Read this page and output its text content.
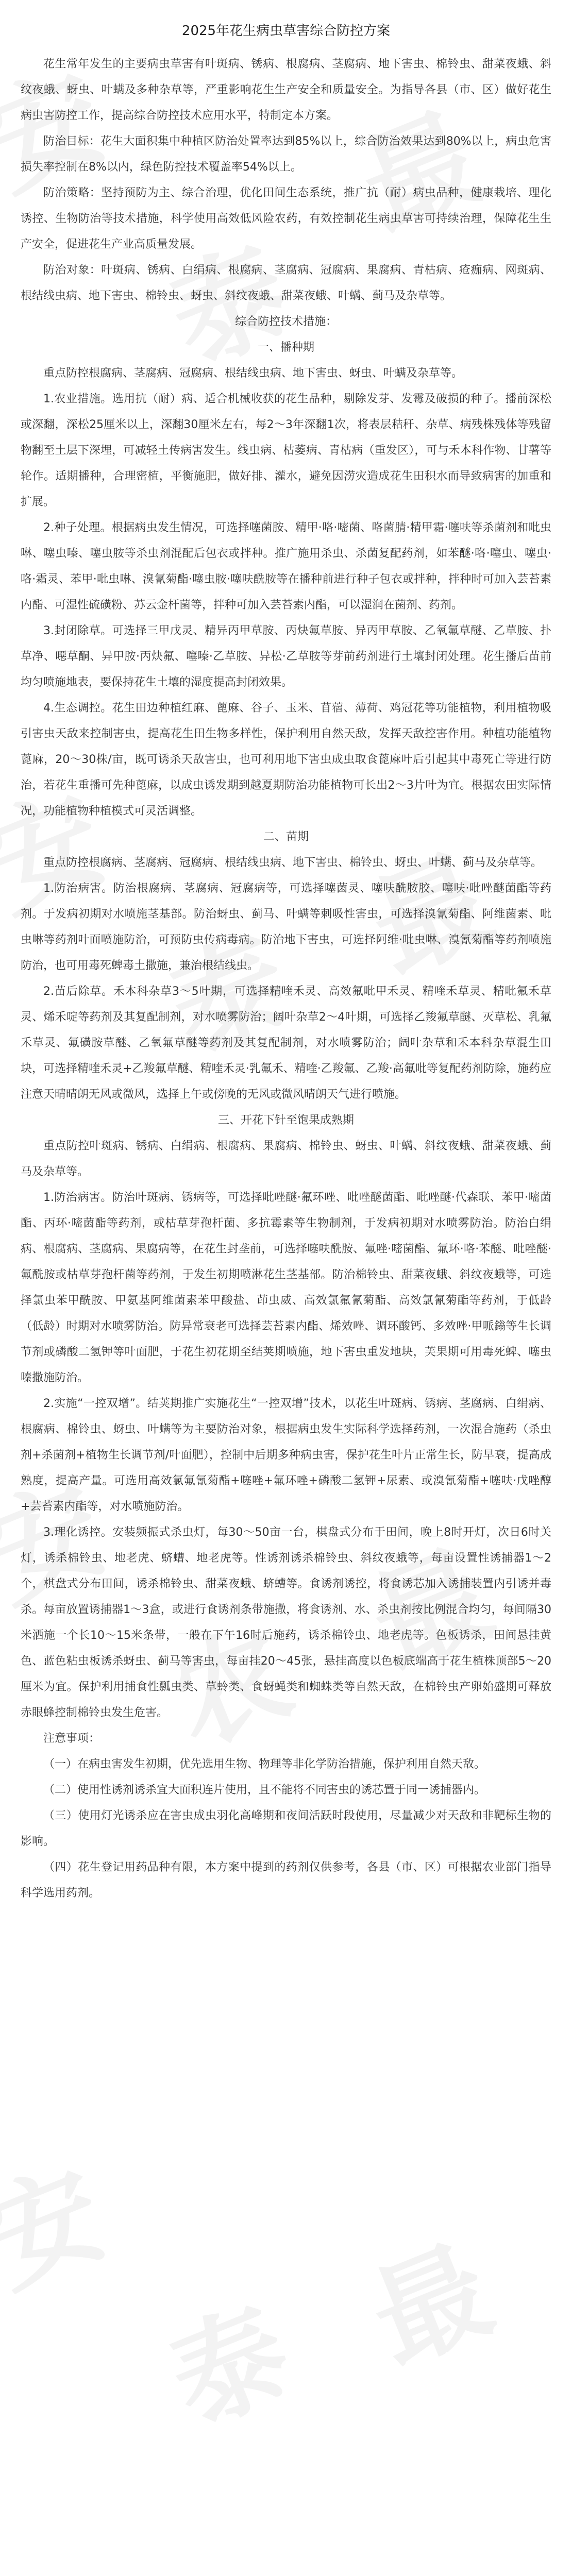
2025年花生病虫草害综合防控方案

花生常年发生的主要病虫草害有叶斑病、锈病、根腐病、茎腐病、地下害虫、棉铃虫、甜菜夜蛾、斜纹夜蛾、蚜虫、叶螨及多种杂草等，严重影响花生生产安全和质量安全。为指导各县（市、区）做好花生病虫害防控工作，提高综合防控技术应用水平，特制定本方案。

防治目标：花生大面积集中种植区防治处置率达到85%以上，综合防治效果达到80%以上，病虫危害损失率控制在8%以内，绿色防控技术覆盖率54%以上。

防治策略：坚持预防为主、综合治理，优化田间生态系统，推广抗（耐）病虫品种，健康栽培、理化诱控、生物防治等技术措施，科学使用高效低风险农药，有效控制花生病虫草害可持续治理，保障花生生产安全，促进花生产业高质量发展。

防治对象：叶斑病、锈病、白绢病、根腐病、茎腐病、冠腐病、果腐病、青枯病、疮痂病、网斑病、根结线虫病、地下害虫、棉铃虫、蚜虫、斜纹夜蛾、甜菜夜蛾、叶螨、蓟马及杂草等。

综合防控技术措施：

一、播种期

重点防控根腐病、茎腐病、冠腐病、根结线虫病、地下害虫、蚜虫、叶螨及杂草等。

1.农业措施。选用抗（耐）病、适合机械收获的花生品种，剔除发芽、发霉及破损的种子。播前深松或深翻，深松25厘米以上，深翻30厘米左右，每2～3年深翻1次，将表层秸秆、杂草、病残株残体等残留物翻至土层下深埋，可减轻土传病害发生。线虫病、枯萎病、青枯病（重发区），可与禾本科作物、甘薯等轮作。适期播种，合理密植，平衡施肥，做好排、灌水，避免因涝灾造成花生田积水而导致病害的加重和扩展。

2.种子处理。根据病虫发生情况，可选择噻菌胺、精甲·咯·嘧菌、咯菌腈·精甲霜·噻呋等杀菌剂和吡虫啉、噻虫嗪、噻虫胺等杀虫剂混配后包衣或拌种。推广施用杀虫、杀菌复配药剂，如苯醚·咯·噻虫、噻虫·咯·霜灵、苯甲·吡虫啉、溴氰菊酯·噻虫胺·噻呋酰胺等在播种前进行种子包衣或拌种，拌种时可加入芸苔素内酯、可湿性硫磺粉、苏云金杆菌等，拌种可加入芸苔素内酯，可以湿润在菌剂、药剂。

3.封闭除草。可选择三甲戊灵、精异丙甲草胺、丙炔氟草胺、异丙甲草胺、乙氧氟草醚、乙草胺、扑草净、噁草酮、异甲胺·丙炔氟、噻嗪·乙草胺、异松·乙草胺等芽前药剂进行土壤封闭处理。花生播后苗前均匀喷施地表，要保持花生土壤的湿度提高封闭效果。

4.生态调控。花生田边种植红麻、蓖麻、谷子、玉米、苜蓿、薄荷、鸡冠花等功能植物，利用植物吸引害虫天敌来控制害虫，提高花生田生物多样性，保护利用自然天敌，发挥天敌控害作用。种植功能植物蓖麻，20～30株/亩，既可诱杀天敌害虫，也可利用地下害虫成虫取食蓖麻叶后引起其中毒死亡等进行防治，若花生重播可先种蓖麻，以成虫诱发期到越夏期防治功能植物可长出2～3片叶为宜。根据农田实际情况，功能植物种植模式可灵活调整。

二、苗期

重点防控根腐病、茎腐病、冠腐病、根结线虫病、地下害虫、棉铃虫、蚜虫、叶螨、蓟马及杂草等。

1.防治病害。防治根腐病、茎腐病、冠腐病等，可选择噻菌灵、噻呋酰胺胶、噻呋·吡唑醚菌酯等药剂。于发病初期对水喷施茎基部。防治蚜虫、蓟马、叶螨等刺吸性害虫，可选择溴氰菊酯、阿维菌素、吡虫啉等药剂叶面喷施防治，可预防虫传病毒病。防治地下害虫，可选择阿维·吡虫啉、溴氰菊酯等药剂喷施防治，也可用毒死蜱毒土撒施，兼治根结线虫。

2.苗后除草。禾本科杂草3～5叶期，可选择精喹禾灵、高效氟吡甲禾灵、精喹禾草灵、精吡氟禾草灵、烯禾啶等药剂及其复配制剂，对水喷雾防治；阔叶杂草2～4叶期，可选择乙羧氟草醚、灭草松、乳氟禾草灵、氟磺胺草醚、乙氧氟草醚等药剂及其复配制剂，对水喷雾防治；阔叶杂草和禾本科杂草混生田块，可选择精喹禾灵+乙羧氟草醚、精喹禾灵·乳氟禾、精喹·乙羧氟、乙羧·高氟吡等复配药剂防除，施药应注意天晴晴朗无风或微风，选择上午或傍晚的无风或微风晴朗天气进行喷施。

三、开花下针至饱果成熟期

重点防控叶斑病、锈病、白绢病、根腐病、果腐病、棉铃虫、蚜虫、叶螨、斜纹夜蛾、甜菜夜蛾、蓟马及杂草等。

1.防治病害。防治叶斑病、锈病等，可选择吡唑醚·氟环唑、吡唑醚菌酯、吡唑醚·代森联、苯甲·嘧菌酯、丙环·嘧菌酯等药剂，或枯草芽孢杆菌、多抗霉素等生物制剂，于发病初期对水喷雾防治。防治白绢病、根腐病、茎腐病、果腐病等，在花生封垄前，可选择噻呋酰胺、氟唑·嘧菌酯、氟环·咯·苯醚、吡唑醚·氟酰胺或枯草芽孢杆菌等药剂，于发生初期喷淋花生茎基部。防治棉铃虫、甜菜夜蛾、斜纹夜蛾等，可选择氯虫苯甲酰胺、甲氨基阿维菌素苯甲酸盐、茚虫威、高效氯氟氰菊酯、高效氯氰菊酯等药剂，于低龄（低龄）时期对水喷雾防治。防异常衰老可选择芸苔素内酯、烯效唑、调环酸钙、多效唑·甲哌鎓等生长调节剂或磷酸二氢钾等叶面肥，于花生初花期至结荚期喷施，地下害虫重发地块，芙果期可用毒死蜱、噻虫嗪撒施防治。

2.实施“一控双增”。结荚期推广实施花生“一控双增”技术，以花生叶斑病、锈病、茎腐病、白绢病、根腐病、棉铃虫、蚜虫、叶螨等为主要防治对象，根据病虫发生实际科学选择药剂，一次混合施药（杀虫剂+杀菌剂+植物生长调节剂/叶面肥），控制中后期多种病虫害，保护花生叶片正常生长，防早衰，提高成熟度，提高产量。可选用高效氯氟氰菊酯+噻唑+氟环唑+磷酸二氢钾+尿素、或溴氰菊酯+噻呋·戊唑醇+芸苔素内酯等，对水喷施防治。

3.理化诱控。安装频振式杀虫灯，每30～50亩一台，棋盘式分布于田间，晚上8时开灯，次日6时关灯，诱杀棉铃虫、地老虎、蛴螬、地老虎等。性诱剂诱杀棉铃虫、斜纹夜蛾等，每亩设置性诱捕器1～2个，棋盘式分布田间，诱杀棉铃虫、甜菜夜蛾、蛴螬等。食诱剂诱控，将食诱芯加入诱捕装置内引诱并毒杀。每亩放置诱捕器1～3盒，或进行食诱剂条带施撒，将食诱剂、水、杀虫剂按比例混合均匀，每间隔30米洒施一个长10～15米条带，一般在下午16时后施药，诱杀棉铃虫、地老虎等。色板诱杀，田间悬挂黄色、蓝色粘虫板诱杀蚜虫、蓟马等害虫，每亩挂20～45张，悬挂高度以色板底端高于花生植株顶部5～20厘米为宜。保护利用捕食性瓢虫类、草蛉类、食蚜蝇类和蜘蛛类等自然天敌，在棉铃虫产卵始盛期可释放赤眼蜂控制棉铃虫发生危害。

注意事项：

（一）在病虫害发生初期，优先选用生物、物理等非化学防治措施，保护利用自然天敌。

（二）使用性诱剂诱杀宜大面积连片使用，且不能将不同害虫的诱芯置于同一诱捕器内。

（三）使用灯光诱杀应在害虫成虫羽化高峰期和夜间活跃时段使用，尽量减少对天敌和非靶标生物的影响。

（四）花生登记用药品种有限，本方案中提到的药剂仅供参考，各县（市、区）可根据农业部门指导科学选用药剂。
